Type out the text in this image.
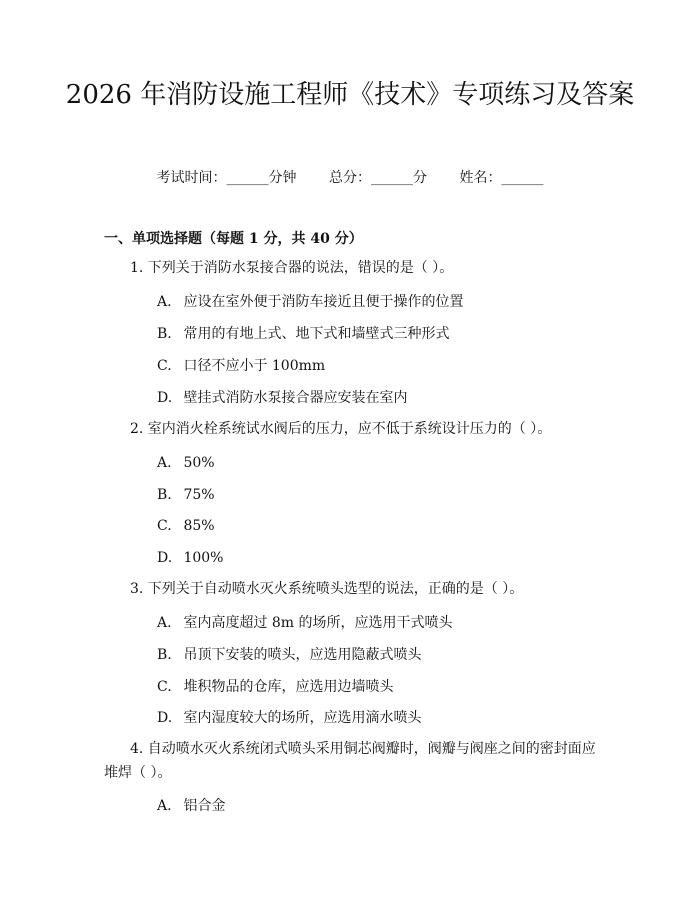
2026 年消防设施工程师《技术》专项练习及答案
考试时间：______分钟 总分：______分 姓名：______
一、单项选择题（每题 1 分，共 40 分）
1. 下列关于消防水泵接合器的说法，错误的是（ ）。
A. 应设在室外便于消防车接近且便于操作的位置
B. 常用的有地上式、地下式和墙壁式三种形式
C. 口径不应小于 100mm
D. 壁挂式消防水泵接合器应安装在室内
2. 室内消火栓系统试水阀后的压力，应不低于系统设计压力的（ ）。
A. 50%
B. 75%
C. 85%
D. 100%
3. 下列关于自动喷水灭火系统喷头选型的说法，正确的是（ ）。
A. 室内高度超过 8m 的场所，应选用干式喷头
B. 吊顶下安装的喷头，应选用隐蔽式喷头
C. 堆积物品的仓库，应选用边墙喷头
D. 室内湿度较大的场所，应选用滴水喷头
4. 自动喷水灭火系统闭式喷头采用铜芯阀瓣时，阀瓣与阀座之间的密封面应堆焊（ ）。
A. 铝合金
